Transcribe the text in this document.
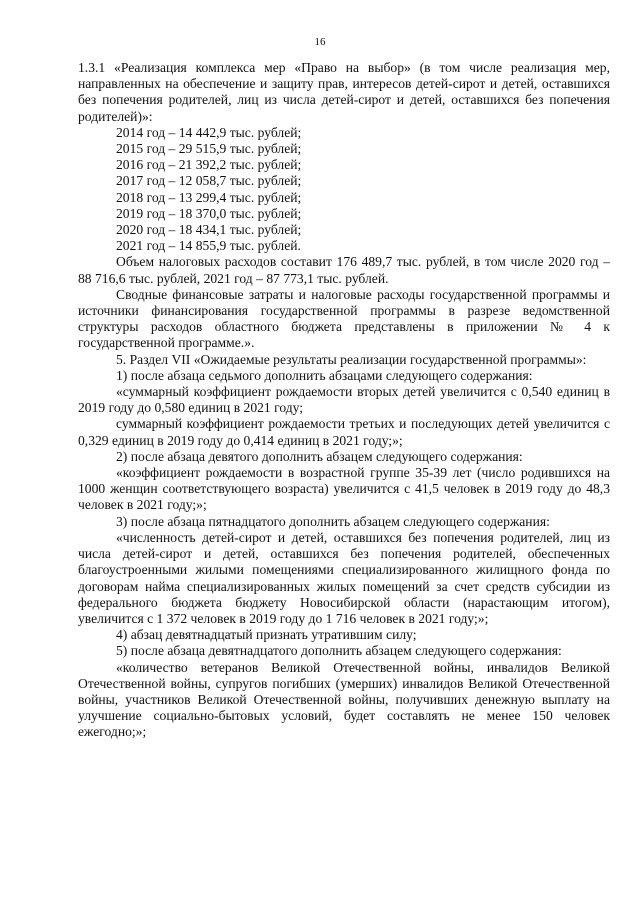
16

1.3.1 «Реализация комплекса мер «Право на выбор» (в том числе реализация мер, направленных на обеспечение и защиту прав, интересов детей-сирот и детей, оставшихся без попечения родителей, лиц из числа детей-сирот и детей, оставшихся без попечения родителей)»:

2014 год – 14 442,9 тыс. рублей;
2015 год – 29 515,9 тыс. рублей;
2016 год – 21 392,2 тыс. рублей;
2017 год – 12 058,7 тыс. рублей;
2018 год – 13 299,4 тыс. рублей;
2019 год – 18 370,0 тыс. рублей;
2020 год – 18 434,1 тыс. рублей;
2021 год – 14 855,9 тыс. рублей.

Объем налоговых расходов составит 176 489,7 тыс. рублей, в том числе 2020 год – 88 716,6 тыс. рублей, 2021 год – 87 773,1 тыс. рублей.

Сводные финансовые затраты и налоговые расходы государственной программы и источники финансирования государственной программы в разрезе ведомственной структуры расходов областного бюджета представлены в приложении № 4 к государственной программе.».

5. Раздел VII «Ожидаемые результаты реализации государственной программы»:

1) после абзаца седьмого дополнить абзацами следующего содержания:

«суммарный коэффициент рождаемости вторых детей увеличится с 0,540 единиц в 2019 году до 0,580 единиц в 2021 году;

суммарный коэффициент рождаемости третьих и последующих детей увеличится с 0,329 единиц в 2019 году до 0,414 единиц в 2021 году;»;

2) после абзаца девятого дополнить абзацем следующего содержания:

«коэффициент рождаемости в возрастной группе 35-39 лет (число родившихся на 1000 женщин соответствующего возраста) увеличится с 41,5 человек в 2019 году до 48,3 человек в 2021 году;»;

3) после абзаца пятнадцатого дополнить абзацем следующего содержания:

«численность детей-сирот и детей, оставшихся без попечения родителей, лиц из числа детей-сирот и детей, оставшихся без попечения родителей, обеспеченных благоустроенными жилыми помещениями специализированного жилищного фонда по договорам найма специализированных жилых помещений за счет средств субсидии из федерального бюджета бюджету Новосибирской области (нарастающим итогом), увеличится с 1 372 человек в 2019 году до 1 716 человек в 2021 году;»;

4) абзац девятнадцатый признать утратившим силу;

5) после абзаца девятнадцатого дополнить абзацем следующего содержания:

«количество ветеранов Великой Отечественной войны, инвалидов Великой Отечественной войны, супругов погибших (умерших) инвалидов Великой Отечественной войны, участников Великой Отечественной войны, получивших денежную выплату на улучшение социально-бытовых условий, будет составлять не менее 150 человек ежегодно;»;
